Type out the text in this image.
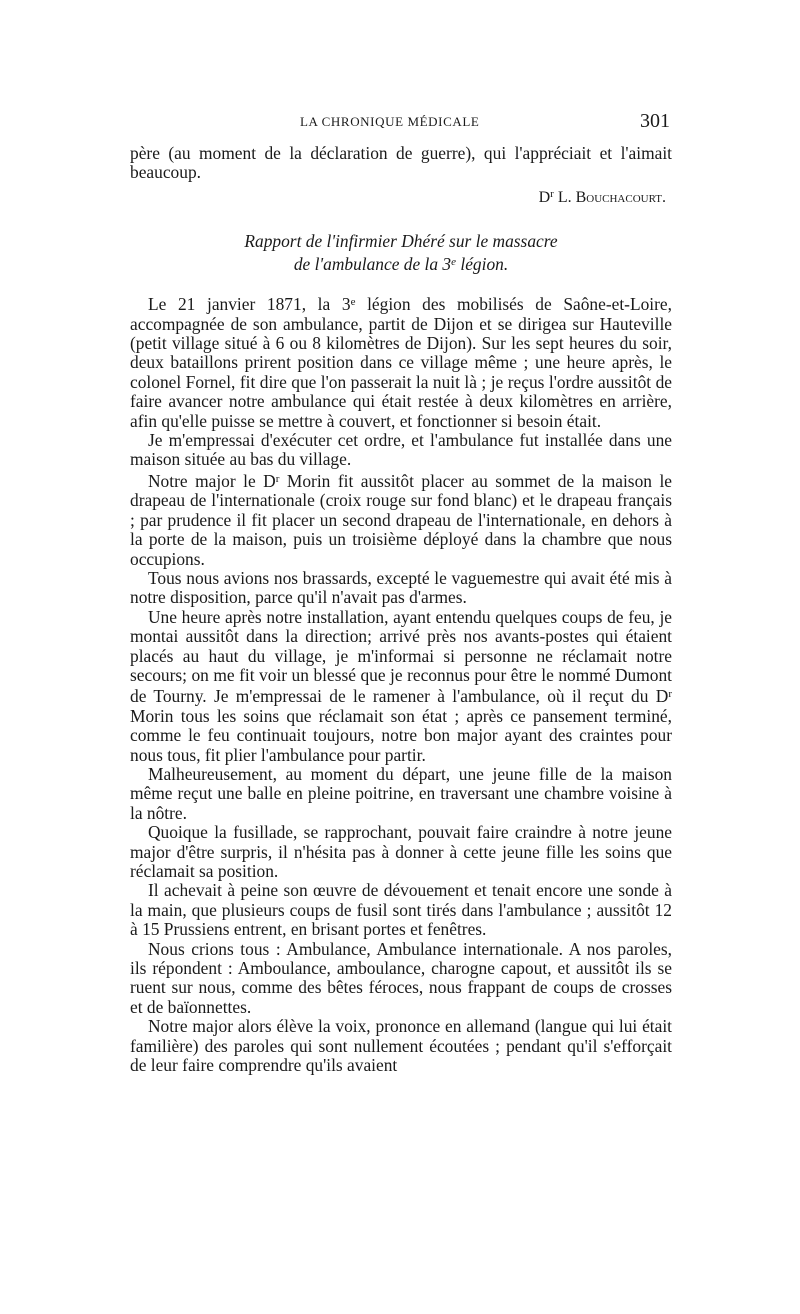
LA CHRONIQUE MÉDICALE	301

père (au moment de la déclaration de guerre), qui l'appréciait et l'aimait beaucoup.

$D^r$ L. Bouchacourt.
Rapport de l'infirmier Dhéré sur le massacre
de l'ambulance de la 3e légion.

Le 21 janvier 1871, la 3e légion des mobilisés de Saône-et-Loire, accompagnée de son ambulance, partit de Dijon et se dirigea sur Hauteville (petit village situé à 6 ou 8 kilomètres de Dijon). Sur les sept heures du soir, deux bataillons prirent position dans ce village même ; une heure après, le colonel Fornel, fit dire que l'on passerait la nuit là ; je reçus l'ordre aussitôt de faire avancer notre ambulance qui était restée à deux kilomètres en arrière, afin qu'elle puisse se mettre à couvert, et fonctionner si besoin était.

Je m'empressai d'exécuter cet ordre, et l'ambulance fut installée dans une maison située au bas du village.

Notre major le $D^r$ Morin fit aussitôt placer au sommet de la maison le drapeau de l'internationale (croix rouge sur fond blanc) et le drapeau français ; par prudence il fit placer un second drapeau de l'internationale, en dehors à la porte de la maison, puis un troisième déployé dans la chambre que nous occupions.

Tous nous avions nos brassards, excepté le vaguemestre qui avait été mis à notre disposition, parce qu'il n'avait pas d'armes.

Une heure après notre installation, ayant entendu quelques coups de feu, je montai aussitôt dans la direction; arrivé près nos avants-postes qui étaient placés au haut du village, je m'informai si personne ne réclamait notre secours; on me fit voir un blessé que je reconnus pour être le nommé Dumont de Tourny. Je m'empressai de le ramener à l'ambulance, où il reçut du $D^r$ Morin tous les soins que réclamait son état ; après ce pansement terminé, comme le feu continuait toujours, notre bon major ayant des craintes pour nous tous, fit plier l'ambulance pour partir.

Malheureusement, au moment du départ, une jeune fille de la maison même reçut une balle en pleine poitrine, en traversant une chambre voisine à la nôtre.

Quoique la fusillade, se rapprochant, pouvait faire craindre à notre jeune major d'être surpris, il n'hésita pas à donner à cette jeune fille les soins que réclamait sa position.

Il achevait à peine son œuvre de dévouement et tenait encore une sonde à la main, que plusieurs coups de fusil sont tirés dans l'ambulance ; aussitôt 12 à 15 Prussiens entrent, en brisant portes et fenêtres.

Nous crions tous : Ambulance, Ambulance internationale. A nos paroles, ils répondent : Amboulance, amboulance, charogne capout, et aussitôt ils se ruent sur nous, comme des bêtes féroces, nous frappant de coups de crosses et de baïonnettes.

Notre major alors élève la voix, prononce en allemand (langue qui lui était familière) des paroles qui sont nullement écoutées ; pendant qu'il s'efforçait de leur faire comprendre qu'ils avaient
